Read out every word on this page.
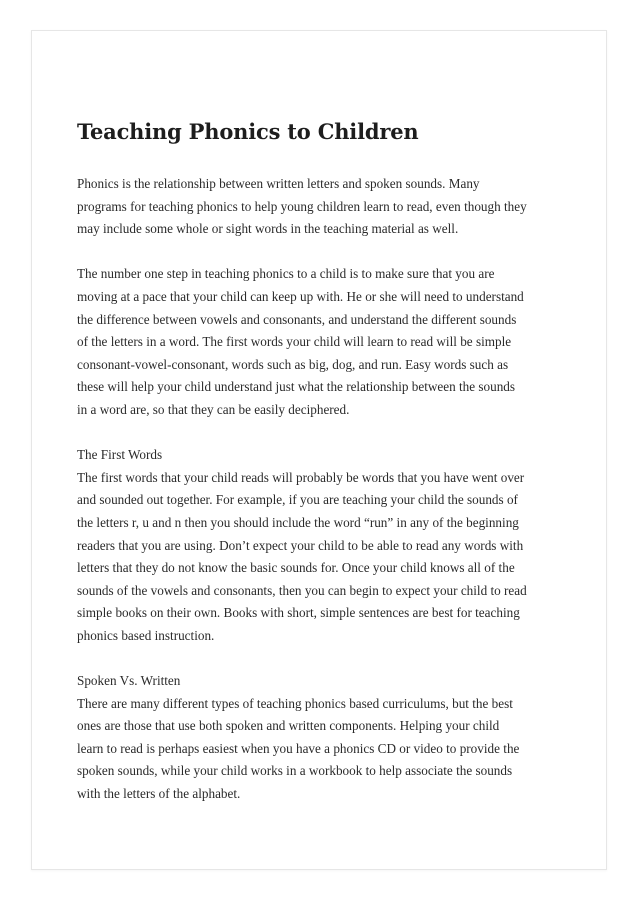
Teaching Phonics to Children

Phonics is the relationship between written letters and spoken sounds. Many
programs for teaching phonics to help young children learn to read, even though they
may include some whole or sight words in the teaching material as well.

The number one step in teaching phonics to a child is to make sure that you are
moving at a pace that your child can keep up with. He or she will need to understand
the difference between vowels and consonants, and understand the different sounds
of the letters in a word. The first words your child will learn to read will be simple
consonant-vowel-consonant, words such as big, dog, and run. Easy words such as
these will help your child understand just what the relationship between the sounds
in a word are, so that they can be easily deciphered.

The First Words
The first words that your child reads will probably be words that you have went over
and sounded out together. For example, if you are teaching your child the sounds of
the letters r, u and n then you should include the word “run” in any of the beginning
readers that you are using. Don’t expect your child to be able to read any words with
letters that they do not know the basic sounds for. Once your child knows all of the
sounds of the vowels and consonants, then you can begin to expect your child to read
simple books on their own. Books with short, simple sentences are best for teaching
phonics based instruction.

Spoken Vs. Written
There are many different types of teaching phonics based curriculums, but the best
ones are those that use both spoken and written components. Helping your child
learn to read is perhaps easiest when you have a phonics CD or video to provide the
spoken sounds, while your child works in a workbook to help associate the sounds
with the letters of the alphabet.
